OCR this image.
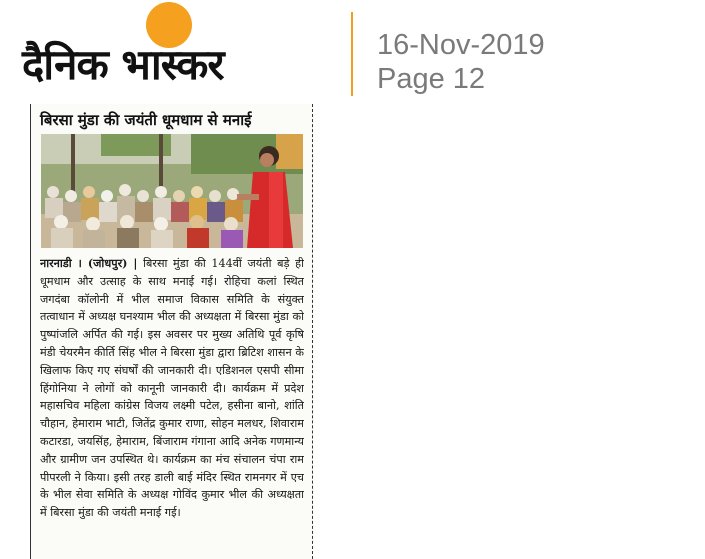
दैनिक भास्कर	16-Nov-2019
Page 12
बिरसा मुंडा की जयंती धूमधाम से मनाई
नारनाडी । (जोधपुर) | बिरसा मुंडा की 144वीं जयंती बड़े ही धूमधाम और उत्साह के साथ मनाई गई। रोहिचा कलां स्थित जगदंबा कॉलोनी में भील समाज विकास समिति के संयुक्त तत्वाधान में अध्यक्ष घनश्याम भील की अध्यक्षता में बिरसा मुंडा को पुष्पांजलि अर्पित की गई। इस अवसर पर मुख्य अतिथि पूर्व कृषि मंडी चेयरमैन कीर्ति सिंह भील ने बिरसा मुंडा द्वारा ब्रिटिश शासन के खिलाफ किए गए संघर्षों की जानकारी दी। एडिशनल एसपी सीमा हिंगोनिया ने लोगों को कानूनी जानकारी दी। कार्यक्रम में प्रदेश महासचिव महिला कांग्रेस विजय लक्ष्मी पटेल, हसीना बानो, शांति चौहान, हेमाराम भाटी, जितेंद्र कुमार राणा, सोहन मलधर, शिवाराम कटारडा, जयसिंह, हेमाराम, बिंजाराम गंगाना आदि अनेक गणमान्य और ग्रामीण जन उपस्थित थे। कार्यक्रम का मंच संचालन चंपा राम पीपरली ने किया। इसी तरह डाली बाई मंदिर स्थित रामनगर में एच के भील सेवा समिति के अध्यक्ष गोविंद कुमार भील की अध्यक्षता में बिरसा मुंडा की जयंती मनाई गई।
